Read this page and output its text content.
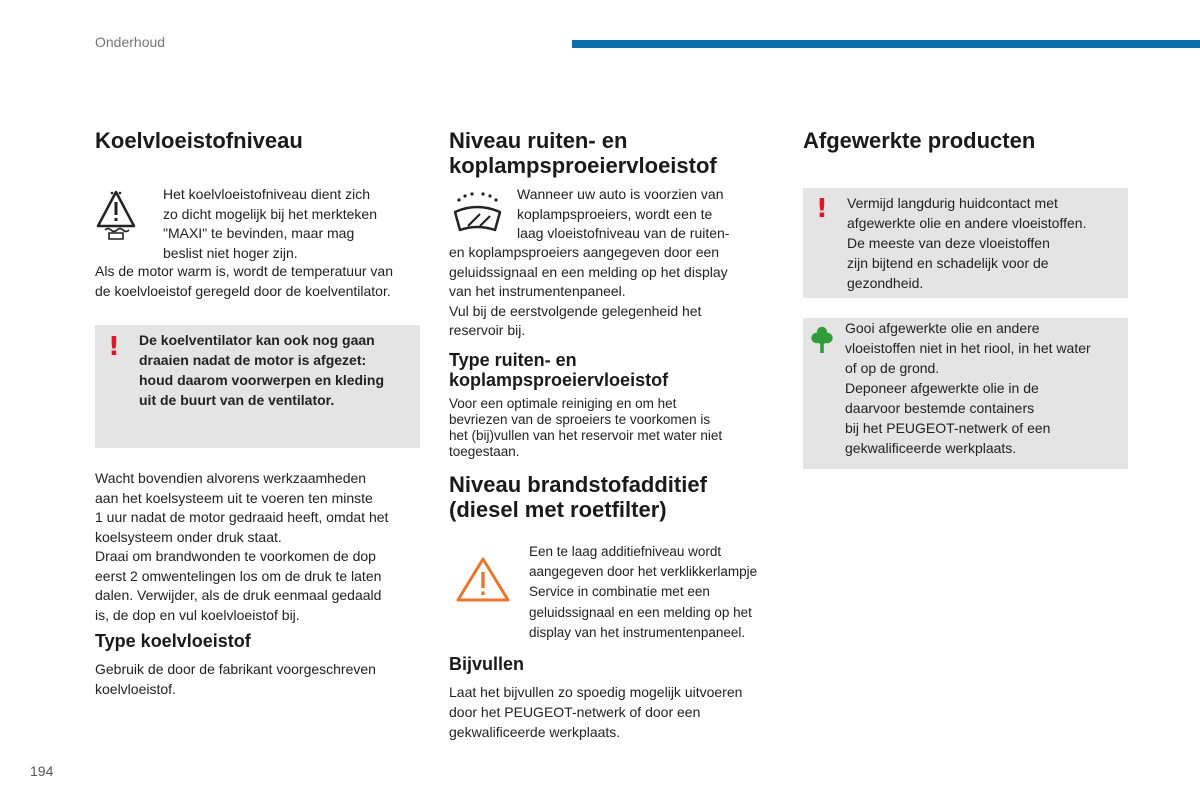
Onderhoud
Koelvloeistofniveau
Het koelvloeistofniveau dient zich
zo dicht mogelijk bij het merkteken
"MAXI" te bevinden, maar mag
beslist niet hoger zijn.
Als de motor warm is, wordt de temperatuur van
de koelvloeistof geregeld door de koelventilator.
! De koelventilator kan ook nog gaan
draaien nadat de motor is afgezet:
houd daarom voorwerpen en kleding
uit de buurt van de ventilator.
Wacht bovendien alvorens werkzaamheden
aan het koelsysteem uit te voeren ten minste
1 uur nadat de motor gedraaid heeft, omdat het
koelsysteem onder druk staat.
Draai om brandwonden te voorkomen de dop
eerst 2 omwentelingen los om de druk te laten
dalen. Verwijder, als de druk eenmaal gedaald
is, de dop en vul koelvloeistof bij.
Type koelvloeistof
Gebruik de door de fabrikant voorgeschreven
koelvloeistof.
Niveau ruiten- en
koplampsproeiervloeistof
Wanneer uw auto is voorzien van
koplampsproeiers, wordt een te
laag vloeistofniveau van de ruiten-
en koplampsproeiers aangegeven door een
geluidssignaal en een melding op het display
van het instrumentenpaneel.
Vul bij de eerstvolgende gelegenheid het
reservoir bij.
Type ruiten- en
koplampsproeiervloeistof
Voor een optimale reiniging en om het
bevriezen van de sproeiers te voorkomen is
het (bij)vullen van het reservoir met water niet
toegestaan.
Niveau brandstofadditief
(diesel met roetfilter)
Een te laag additiefniveau wordt
aangegeven door het verklikkerlampje
Service in combinatie met een
geluidssignaal en een melding op het
display van het instrumentenpaneel.
Bijvullen
Laat het bijvullen zo spoedig mogelijk uitvoeren
door het PEUGEOT-netwerk of door een
gekwalificeerde werkplaats.
Afgewerkte producten
! Vermijd langdurig huidcontact met
afgewerkte olie en andere vloeistoffen.
De meeste van deze vloeistoffen
zijn bijtend en schadelijk voor de
gezondheid.
Gooi afgewerkte olie en andere
vloeistoffen niet in het riool, in het water
of op de grond.
Deponeer afgewerkte olie in de
daarvoor bestemde containers
bij het PEUGEOT-netwerk of een
gekwalificeerde werkplaats.
194
